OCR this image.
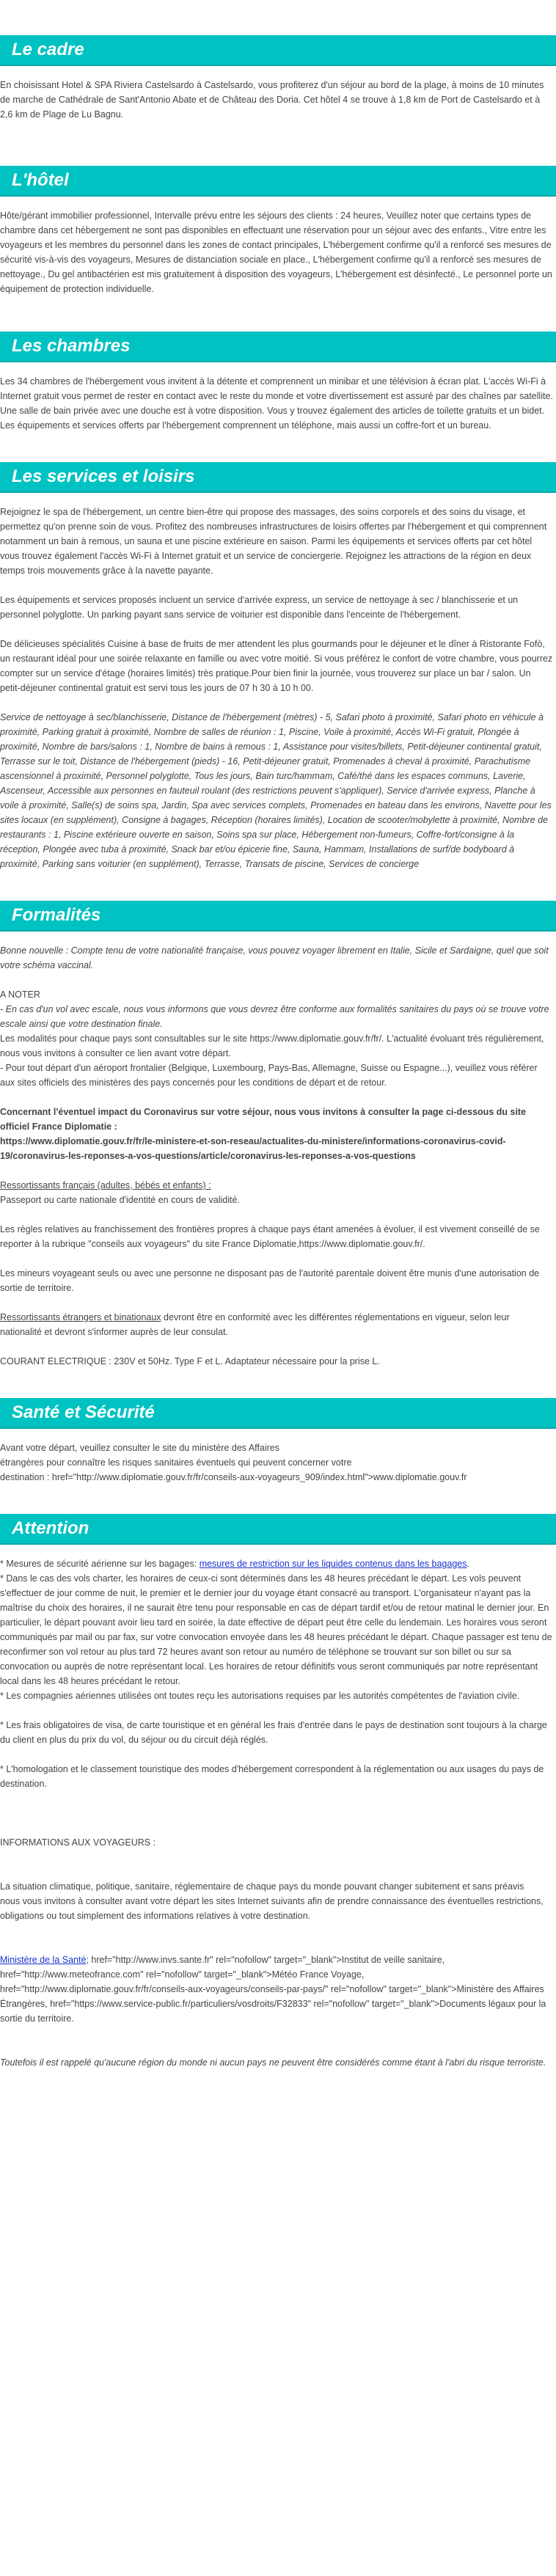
Le cadre

En choisissant Hotel & SPA Riviera Castelsardo à Castelsardo, vous profiterez d'un séjour au bord de la plage, à moins de 10 minutes de marche de Cathédrale de Sant'Antonio Abate et de Château des Doria. Cet hôtel 4 se trouve à 1,8 km de Port de Castelsardo et à 2,6 km de Plage de Lu Bagnu.

L'hôtel

Hôte/gérant immobilier professionnel, Intervalle prévu entre les séjours des clients : 24 heures, Veuillez noter que certains types de chambre dans cet hébergement ne sont pas disponibles en effectuant une réservation pour un séjour avec des enfants., Vitre entre les voyageurs et les membres du personnel dans les zones de contact principales, L'hébergement confirme qu'il a renforcé ses mesures de sécurité vis-à-vis des voyageurs, Mesures de distanciation sociale en place., L'hébergement confirme qu'il a renforcé ses mesures de nettoyage., Du gel antibactérien est mis gratuitement à disposition des voyageurs, L'hébergement est désinfecté., Le personnel porte un équipement de protection individuelle.

Les chambres

Les 34 chambres de l'hébergement vous invitent à la détente et comprennent un minibar et une télévision à écran plat. L'accès Wi-Fi à Internet gratuit vous permet de rester en contact avec le reste du monde et votre divertissement est assuré par des chaînes par satellite. Une salle de bain privée avec une douche est à votre disposition. Vous y trouvez également des articles de toilette gratuits et un bidet. Les équipements et services offerts par l'hébergement comprennent un téléphone, mais aussi un coffre-fort et un bureau.

Les services et loisirs

Rejoignez le spa de l'hébergement, un centre bien-être qui propose des massages, des soins corporels et des soins du visage, et permettez qu'on prenne soin de vous. Profitez des nombreuses infrastructures de loisirs offertes par l'hébergement et qui comprennent notamment un bain à remous, un sauna et une piscine extérieure en saison. Parmi les équipements et services offerts par cet hôtel vous trouvez également l'accès Wi-Fi à Internet gratuit et un service de conciergerie. Rejoignez les attractions de la région en deux temps trois mouvements grâce à la navette payante.

Les équipements et services proposés incluent un service d'arrivée express, un service de nettoyage à sec / blanchisserie et un personnel polyglotte. Un parking payant sans service de voiturier est disponible dans l'enceinte de l'hébergement.

De délicieuses spécialités Cuisine à base de fruits de mer attendent les plus gourmands pour le déjeuner et le dîner à Ristorante Fofò, un restaurant idéal pour une soirée relaxante en famille ou avec votre moitié. Si vous préférez le confort de votre chambre, vous pourrez compter sur un service d'étage (horaires limités) très pratique.Pour bien finir la journée, vous trouverez sur place un bar / salon. Un petit-déjeuner continental gratuit est servi tous les jours de 07 h 30 à 10 h 00.

Service de nettoyage à sec/blanchisserie, Distance de l'hébergement (mètres) - 5, Safari photo à proximité, Safari photo en véhicule à proximité, Parking gratuit à proximité, Nombre de salles de réunion : 1, Piscine, Voile à proximité, Accès Wi-Fi gratuit, Plongée à proximité, Nombre de bars/salons : 1, Nombre de bains à remous : 1, Assistance pour visites/billets, Petit-déjeuner continental gratuit, Terrasse sur le toit, Distance de l'hébergement (pieds) - 16, Petit-déjeuner gratuit, Promenades à cheval à proximité, Parachutisme ascensionnel à proximité, Personnel polyglotte, Tous les jours, Bain turc/hammam, Café/thé dans les espaces communs, Laverie, Ascenseur, Accessible aux personnes en fauteuil roulant (des restrictions peuvent s'appliquer), Service d'arrivée express, Planche à voile à proximité, Salle(s) de soins spa, Jardin, Spa avec services complets, Promenades en bateau dans les environs, Navette pour les sites locaux (en supplément), Consigne à bagages, Réception (horaires limités), Location de scooter/mobylette à proximité, Nombre de restaurants : 1, Piscine extérieure ouverte en saison, Soins spa sur place, Hébergement non-fumeurs, Coffre-fort/consigne à la réception, Plongée avec tuba à proximité, Snack bar et/ou épicerie fine, Sauna, Hammam, Installations de surf/de bodyboard à proximité, Parking sans voiturier (en supplément), Terrasse, Transats de piscine, Services de concierge

Formalités

Bonne nouvelle : Compte tenu de votre nationalité française, vous pouvez voyager librement en Italie, Sicile et Sardaigne, quel que soit votre schéma vaccinal.

A NOTER
- En cas d'un vol avec escale, nous vous informons que vous devrez être conforme aux formalités sanitaires du pays où se trouve votre escale ainsi que votre destination finale.
Les modalités pour chaque pays sont consultables sur le site https://www.diplomatie.gouv.fr/fr/. L'actualité évoluant très régulièrement, nous vous invitons à consulter ce lien avant votre départ.

- Pour tout départ d'un aéroport frontalier (Belgique, Luxembourg, Pays-Bas, Allemagne, Suisse ou Espagne...), veuillez vous référer aux sites officiels des ministères des pays concernés pour les conditions de départ et de retour.

Concernant l'éventuel impact du Coronavirus sur votre séjour, nous vous invitons à consulter la page ci-dessous du site officiel France Diplomatie :

https://www.diplomatie.gouv.fr/fr/le-ministere-et-son-reseau/actualites-du-ministere/informations-coronavirus-covid-19/coronavirus-les-reponses-a-vos-questions/article/coronavirus-les-reponses-a-vos-questions

Ressortissants français (adultes, bébés et enfants) :

Passeport ou carte nationale d'identité en cours de validité.

Les règles relatives au franchissement des frontières propres à chaque pays étant amenées à évoluer, il est vivement conseillé de se reporter à la rubrique "conseils aux voyageurs" du site France Diplomatie,https://www.diplomatie.gouv.fr/.

Les mineurs voyageant seuls ou avec une personne ne disposant pas de l'autorité parentale doivent être munis d'une autorisation de sortie de territoire.

Ressortissants étrangers et binationaux devront être en conformité avec les différentes réglementations en vigueur, selon leur nationalité et devront s'informer auprès de leur consulat.

COURANT ELECTRIQUE : 230V et 50Hz. Type F et L. Adaptateur nécessaire pour la prise L.

Santé et Sécurité
Avant votre départ, veuillez consulter le site du ministère des Affaires
étrangères pour connaître les risques sanitaires éventuels qui peuvent concerner votre

destination : href="http://www.diplomatie.gouv.fr/fr/conseils-aux-voyageurs_909/index.html">www.diplomatie.gouv.fr

Attention
* Mesures de sécurité aérienne sur les bagages: mesures de restriction sur les liquides contenus dans les bagages.
* Dans le cas des vols charter, les horaires de ceux-ci sont déterminés dans les 48 heures précédant le départ. Les vols peuvent s'effectuer de jour comme de nuit, le premier et le dernier jour du voyage étant consacré au transport. L'organisateur n'ayant pas la maîtrise du choix des horaires, il ne saurait être tenu pour responsable en cas de départ tardif et/ou de retour matinal le dernier jour. En particulier, le départ pouvant avoir lieu tard en soirée, la date effective de départ peut être celle du lendemain. Les horaires vous seront communiqués par mail ou par fax, sur votre convocation envoyée dans les 48 heures précédant le départ. Chaque passager est tenu de reconfirmer son vol retour au plus tard 72 heures avant son retour au numéro de téléphone se trouvant sur son billet ou sur sa convocation ou auprès de notre représentant local. Les horaires de retour définitifs vous seront communiqués par notre représentant local dans les 48 heures précédant le retour.

* Les compagnies aériennes utilisées ont toutes reçu les autorisations requises par les autorités compétentes de l'aviation civile.

* Les frais obligatoires de visa, de carte touristique et en général les frais d'entrée dans le pays de destination sont toujours à la charge du client en plus du prix du vol, du séjour ou du circuit déjà réglés.

* L'homologation et le classement touristique des modes d'hébergement correspondent à la réglementation ou aux usages du pays de destination.

INFORMATIONS AUX VOYAGEURS :

La situation climatique, politique, sanitaire, réglementaire de chaque pays du monde pouvant changer subitement et sans préavis

nous vous invitons à consulter avant votre départ les sites Internet suivants afin de prendre connaissance des éventuelles restrictions, obligations ou tout simplement des informations relatives à votre destination.

Ministère de la Santé; href="http://www.invs.sante.fr" rel="nofollow" target="_blank">Institut de veille sanitaire, href="http://www.meteofrance.com" rel="nofollow" target="_blank">Météo France Voyage, href="http://www.diplomatie.gouv.fr/fr/conseils-aux-voyageurs/conseils-par-pays/" rel="nofollow" target="_blank">Ministère des Affaires Étrangères, href="https://www.service-public.fr/particuliers/vosdroits/F32833" rel="nofollow" target="_blank">Documents légaux pour la sortie du territoire.

Toutefois il est rappelé qu'aucune région du monde ni aucun pays ne peuvent être considérés comme étant à l'abri du risque terroriste.
